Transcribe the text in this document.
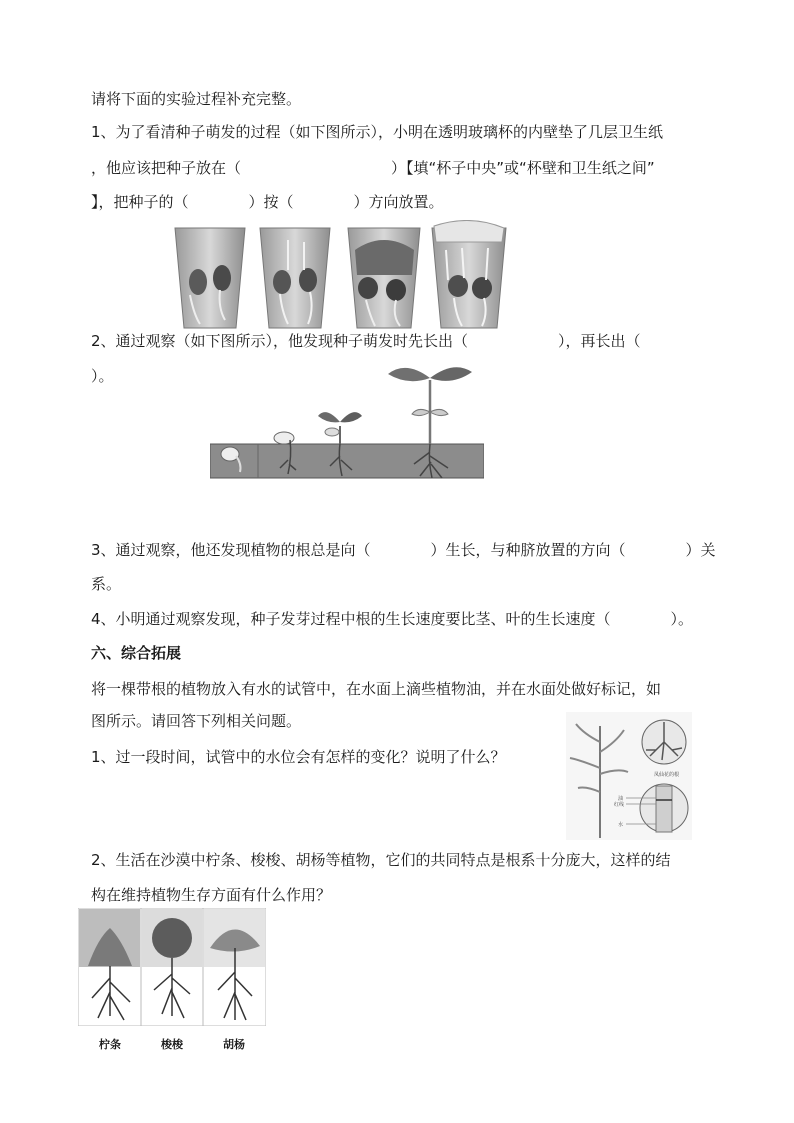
请将下面的实验过程补充完整。
1、为了看清种子萌发的过程（如下图所示），小明在透明玻璃杯的内壁垫了几层卫生纸
，他应该把种子放在（　　　　　　　　　　）【填“杯子中央”或“杯壁和卫生纸之间”
】，把种子的（　　　　）按（　　　　）方向放置。
2、通过观察（如下图所示），他发现种子萌发时先长出（　　　　　　），再长出（
）。
3、通过观察，他还发现植物的根总是向（　　　　）生长，与种脐放置的方向（　　　　）关
系。
4、小明通过观察发现，种子发芽过程中根的生长速度要比茎、叶的生长速度（　　　　）。
六、综合拓展
将一棵带根的植物放入有水的试管中，在水面上滴些植物油，并在水面处做好标记，如
图所示。请回答下列相关问题。
1、过一段时间，试管中的水位会有怎样的变化？说明了什么？
凤仙花的根
油
红线
水
2、生活在沙漠中柠条、梭梭、胡杨等植物，它们的共同特点是根系十分庞大，这样的结
构在维持植物生存方面有什么作用？
柠条	梭梭	胡杨
